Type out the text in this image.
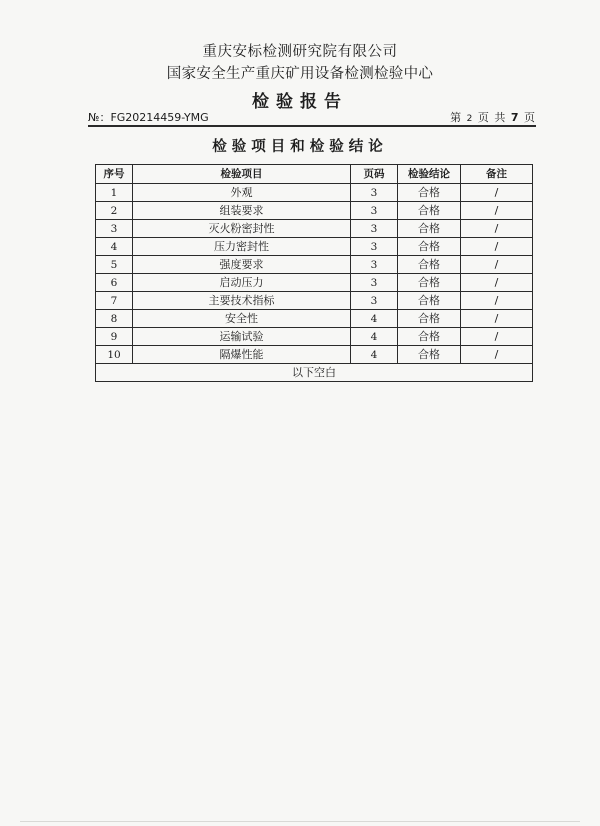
重庆安标检测研究院有限公司
国家安全生产重庆矿用设备检测检验中心
检验报告
№：FG20214459-YMG	第 2 页 共 7 页
检验项目和检验结论
序号	检验项目	页码	检验结论	备注
1	外观	3	合格	/
2	组装要求	3	合格	/
3	灭火粉密封性	3	合格	/
4	压力密封性	3	合格	/
5	强度要求	3	合格	/
6	启动压力	3	合格	/
7	主要技术指标	3	合格	/
8	安全性	4	合格	/
9	运输试验	4	合格	/
10	隔爆性能	4	合格	/
以下空白				
